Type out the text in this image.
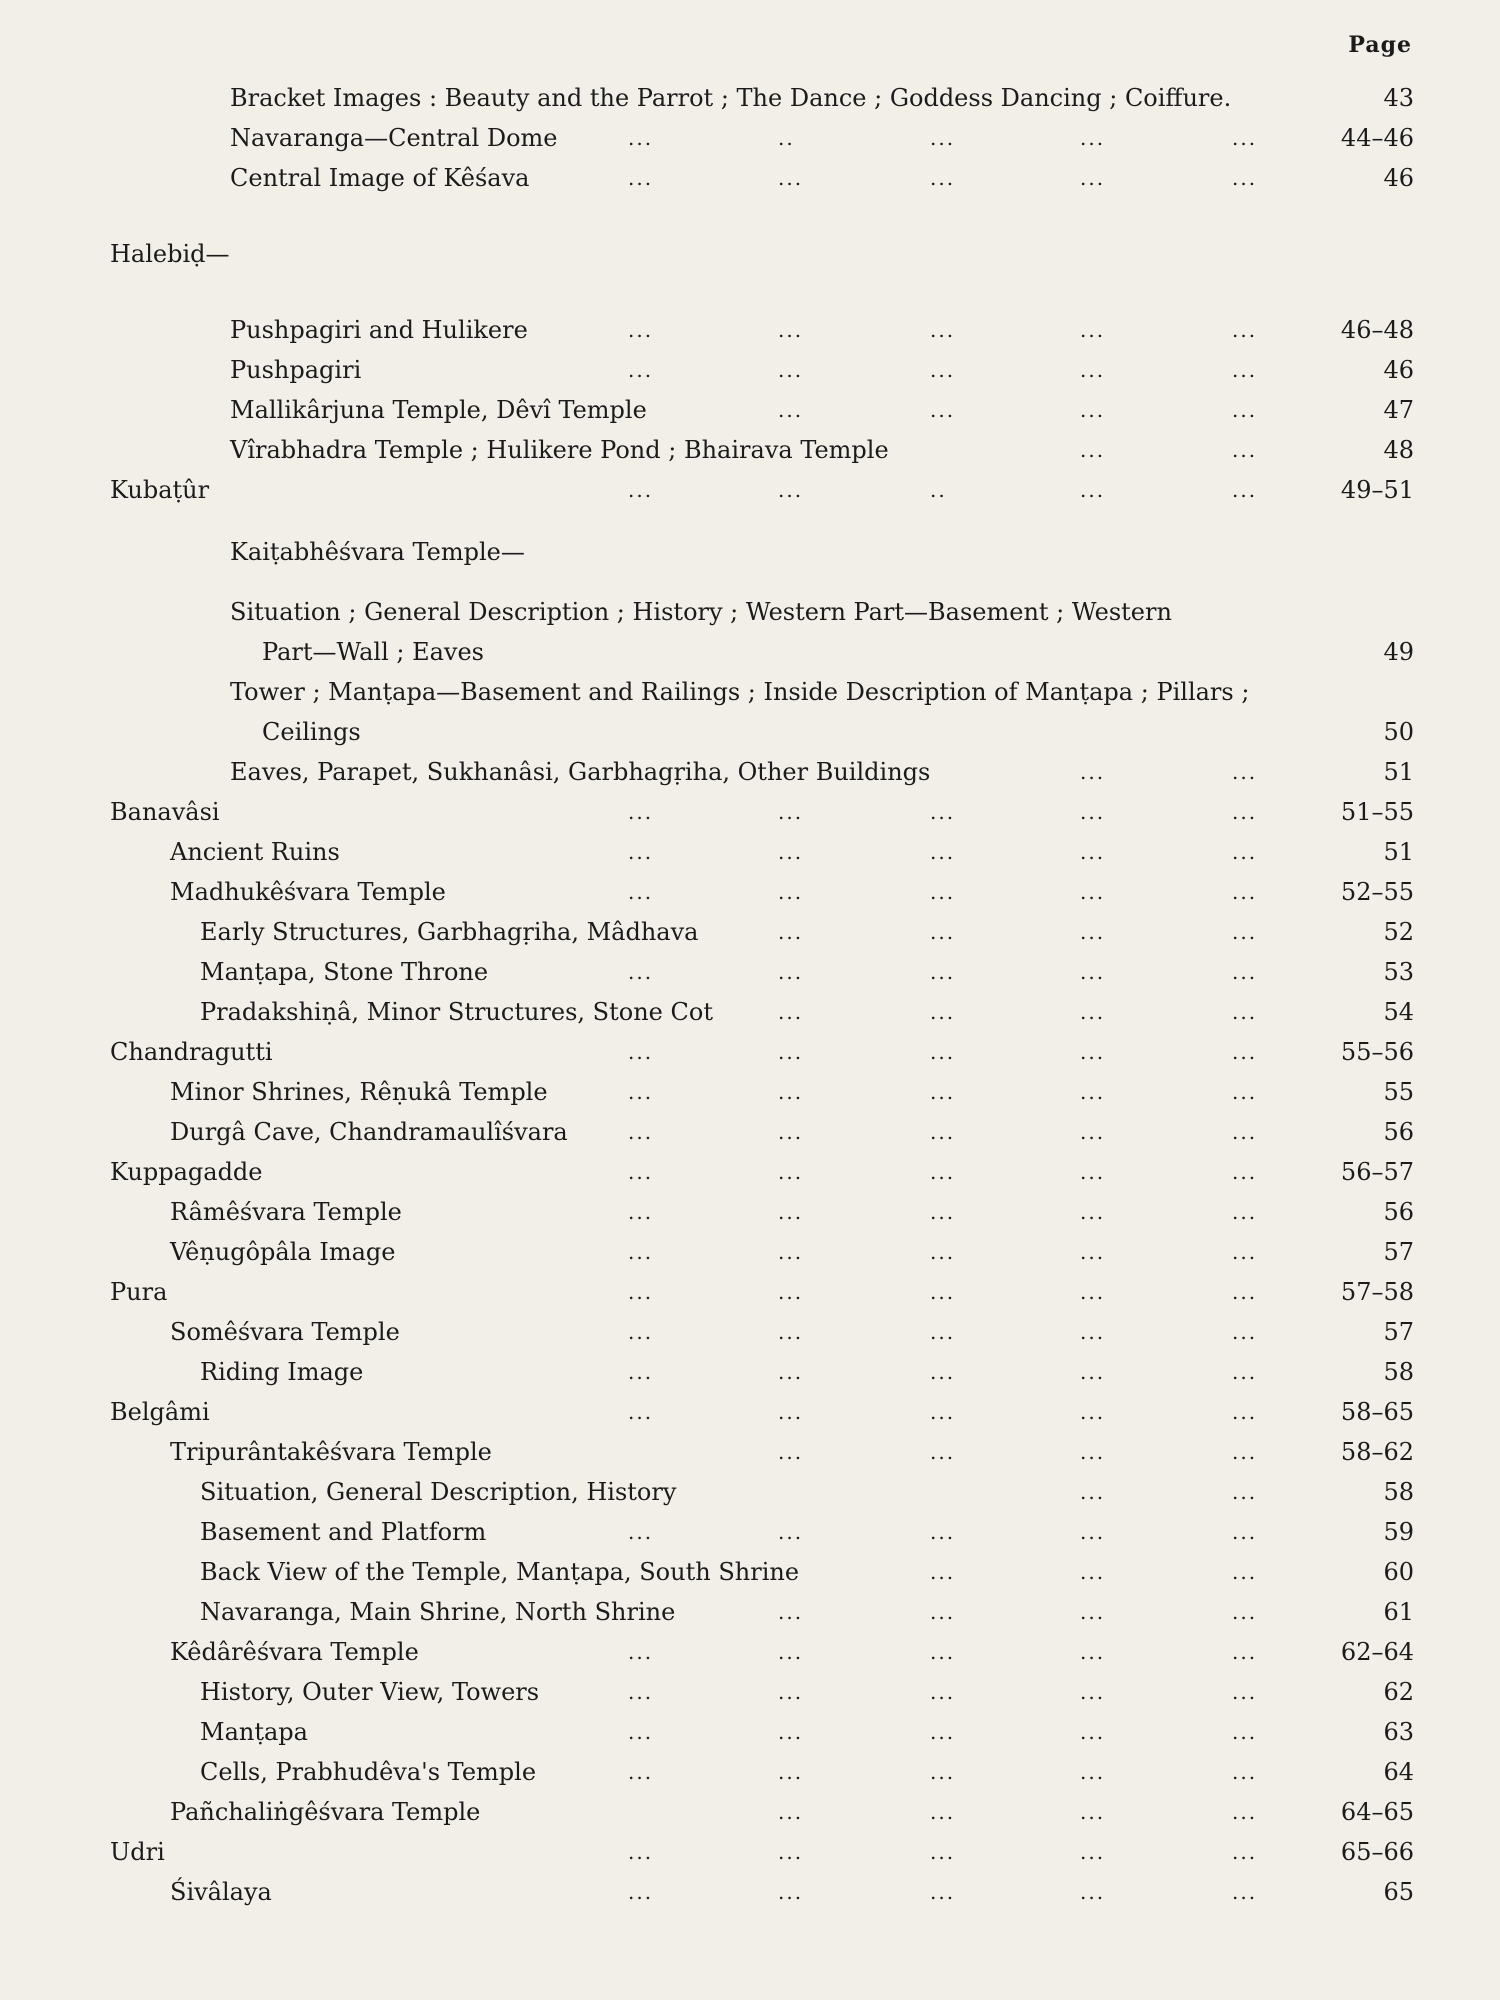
Page
Bracket Images : Beauty and the Parrot ; The Dance ; Goddess Dancing ; Coiffure.	43
Navaranga—Central Dome	...	..	...	...	...	44–46
Central Image of Kêśava	...	...	...	...	...	46
Halebiḍ—
Pushpagiri and Hulikere	...	...	...	...	...	46–48
Pushpagiri	...	...	...	...	...	46
Mallikârjuna Temple, Dêvî Temple	...	...	...	...	47
Vîrabhadra Temple ; Hulikere Pond ; Bhairava Temple	...	...	48
Kubaṭûr	...	...	..	...	...	49–51
Kaiṭabhêśvara Temple—
Situation ; General Description ; History ; Western Part—Basement ; Western
Part—Wall ; Eaves	49
Tower ; Manṭapa—Basement and Railings ; Inside Description of Manṭapa ; Pillars ;
Ceilings	50
Eaves, Parapet, Sukhanâsi, Garbhagṛiha, Other Buildings	...	...	51
Banavâsi	...	...	...	...	...	51–55
Ancient Ruins	...	...	...	...	...	51
Madhukêśvara Temple	...	...	...	...	...	52–55
Early Structures, Garbhagṛiha, Mâdhava	...	...	...	...	52
Manṭapa, Stone Throne	...	...	...	...	...	53
Pradakshiṇâ, Minor Structures, Stone Cot	...	...	...	...	54
Chandragutti	...	...	...	...	...	55–56
Minor Shrines, Rêṇukâ Temple	...	...	...	...	...	55
Durgâ Cave, Chandramaulîśvara	...	...	...	...	...	56
Kuppagadde	...	...	...	...	...	56–57
Râmêśvara Temple	...	...	...	...	...	56
Vêṇugôpâla Image	...	...	...	...	...	57
Pura	...	...	...	...	...	57–58
Somêśvara Temple	...	...	...	...	...	57
Riding Image	...	...	...	...	...	58
Belgâmi	...	...	...	...	...	58–65
Tripurântakêśvara Temple	...	...	...	...	58–62
Situation, General Description, History	...	...	58
Basement and Platform	...	...	...	...	...	59
Back View of the Temple, Manṭapa, South Shrine	...	...	...	60
Navaranga, Main Shrine, North Shrine	...	...	...	...	61
Kêdârêśvara Temple	...	...	...	...	...	62–64
History, Outer View, Towers	...	...	...	...	...	62
Manṭapa	...	...	...	...	...	63
Cells, Prabhudêva's Temple	...	...	...	...	...	64
Pañchaliṅgêśvara Temple	...	...	...	...	64–65
Udri	...	...	...	...	...	65–66
Śivâlaya	...	...	...	...	...	65
